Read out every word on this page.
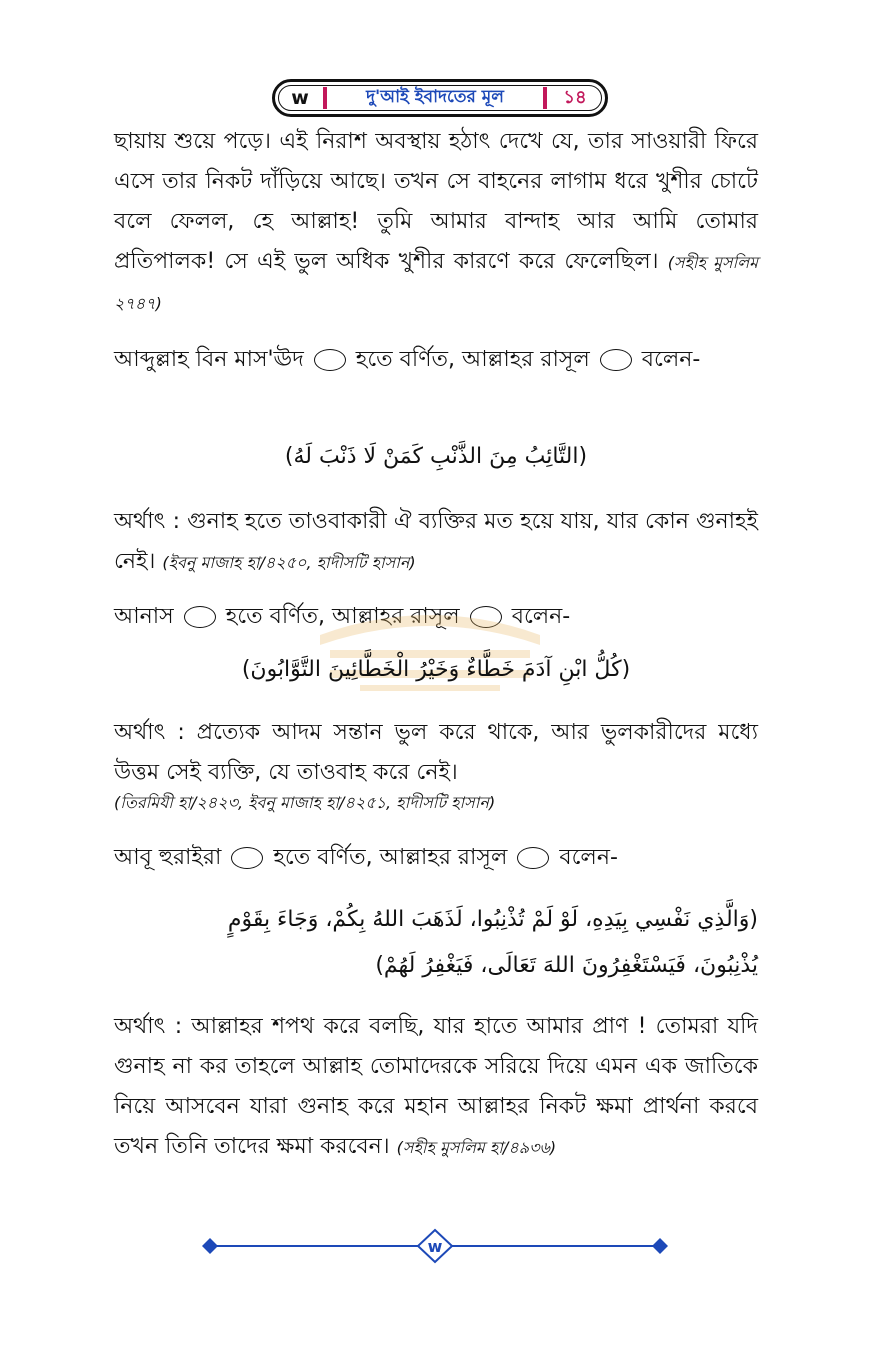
w	দু'আই ইবাদতের মূল	১৪

ছায়ায় শুয়ে পড়ে। এই নিরাশ অবস্থায় হঠাৎ দেখে যে, তার সাওয়ারী ফিরে এসে তার নিকট দাঁড়িয়ে আছে। তখন সে বাহনের লাগাম ধরে খুশীর চোটে বলে ফেলল, হে আল্লাহ! তুমি আমার বান্দাহ আর আমি তোমার প্রতিপালক! সে এই ভুল অধিক খুশীর কারণে করে ফেলেছিল। (সহীহ মুসলিম ২৭৪৭)

আব্দুল্লাহ বিন মাস'ঊদ হতে বর্ণিত, আল্লাহর রাসূল বলেন-

(التَّائِبُ مِنَ الذَّنْبِ كَمَنْ لَا ذَنْبَ لَهُ)

অর্থাৎ : গুনাহ হতে তাওবাকারী ঐ ব্যক্তির মত হয়ে যায়, যার কোন গুনাহই নেই। (ইবনু মাজাহ হা/৪২৫০, হাদীসটি হাসান)

আনাস হতে বর্ণিত, আল্লাহর রাসূল বলেন-

(كُلُّ ابْنِ آدَمَ خَطَّاءٌ وَخَيْرُ الْخَطَّائِينَ التَّوَّابُونَ)

অর্থাৎ : প্রত্যেক আদম সন্তান ভুল করে থাকে, আর ভুলকারীদের মধ্যে উত্তম সেই ব্যক্তি, যে তাওবাহ করে নেই।

(তিরমিযী হা/২৪২৩, ইবনু মাজাহ হা/৪২৫১, হাদীসটি হাসান)

আবূ হুরাইরা হতে বর্ণিত, আল্লাহর রাসূল বলেন-

(وَالَّذِي نَفْسِي بِيَدِهِ، لَوْ لَمْ تُذْنِبُوا، لَذَهَبَ اللهُ بِكُمْ، وَجَاءَ بِقَوْمٍ

يُذْنِبُونَ، فَيَسْتَغْفِرُونَ اللهَ تَعَالَى، فَيَغْفِرُ لَهُمْ)

অর্থাৎ : আল্লাহর শপথ করে বলছি, যার হাতে আমার প্রাণ ! তোমরা যদি গুনাহ না কর তাহলে আল্লাহ তোমাদেরকে সরিয়ে দিয়ে এমন এক জাতিকে নিয়ে আসবেন যারা গুনাহ করে মহান আল্লাহর নিকট ক্ষমা প্রার্থনা করবে তখন তিনি তাদের ক্ষমা করবেন। (সহীহ মুসলিম হা/৪৯৩৬)

w
